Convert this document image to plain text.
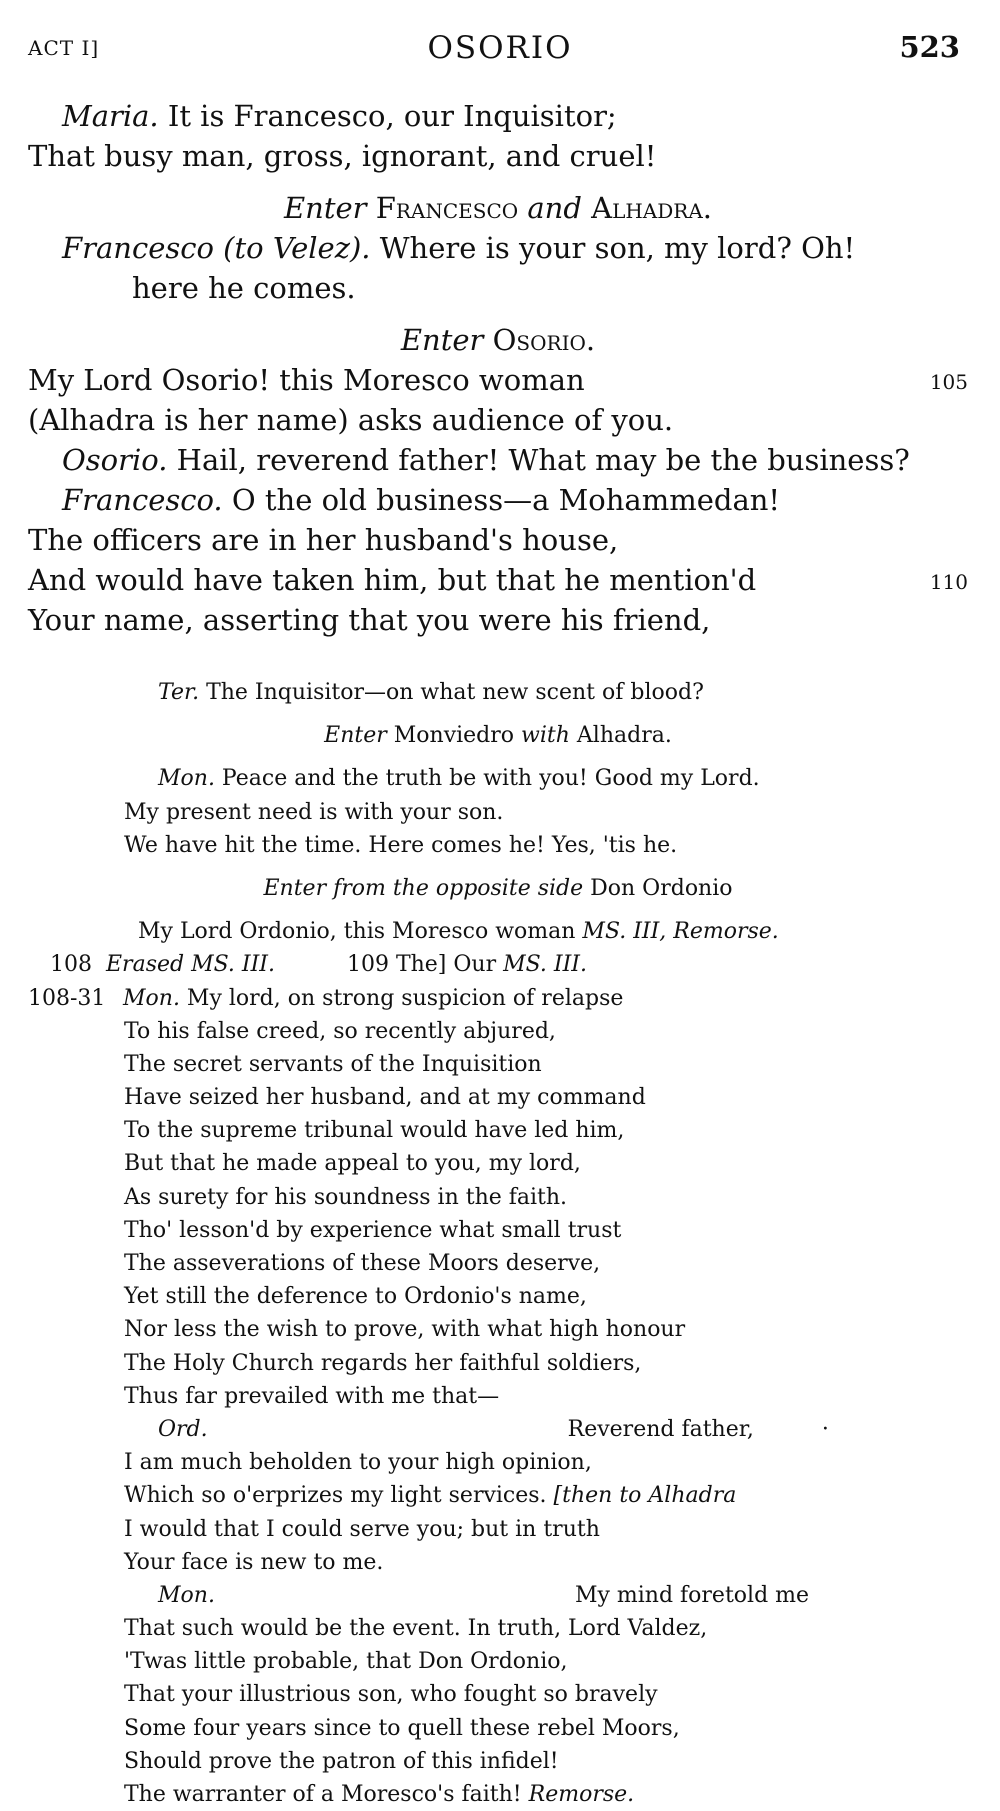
ACT I]	OSORIO	523
Maria. It is Francesco, our Inquisitor;
That busy man, gross, ignorant, and cruel!
Enter Francesco and Alhadra.
Francesco (to Velez). Where is your son, my lord? Oh!
here he comes.
Enter Osorio.
My Lord Osorio! this Moresco woman	105
(Alhadra is her name) asks audience of you.
Osorio. Hail, reverend father! What may be the business?
Francesco. O the old business—a Mohammedan!
The officers are in her husband's house,
And would have taken him, but that he mention'd	110
Your name, asserting that you were his friend,
Ter. The Inquisitor—on what new scent of blood?
Enter Monviedro with Alhadra.
Mon. Peace and the truth be with you! Good my Lord.
My present need is with your son.
We have hit the time. Here comes he! Yes, 'tis he.
Enter from the opposite side Don Ordonio
My Lord Ordonio, this Moresco woman MS. III, Remorse.
108 Erased MS. III.	109 The] Our MS. III.
108-31 Mon. My lord, on strong suspicion of relapse
To his false creed, so recently abjured,
The secret servants of the Inquisition
Have seized her husband, and at my command
To the supreme tribunal would have led him,
But that he made appeal to you, my lord,
As surety for his soundness in the faith.
Tho' lesson'd by experience what small trust
The asseverations of these Moors deserve,
Yet still the deference to Ordonio's name,
Nor less the wish to prove, with what high honour
The Holy Church regards her faithful soldiers,
Thus far prevailed with me that—
Ord.	Reverend father,	·
I am much beholden to your high opinion,
Which so o'erprizes my light services. [then to Alhadra
I would that I could serve you; but in truth
Your face is new to me.
Mon.	My mind foretold me
That such would be the event. In truth, Lord Valdez,
'Twas little probable, that Don Ordonio,
That your illustrious son, who fought so bravely
Some four years since to quell these rebel Moors,
Should prove the patron of this infidel!
The warranter of a Moresco's faith! Remorse.
